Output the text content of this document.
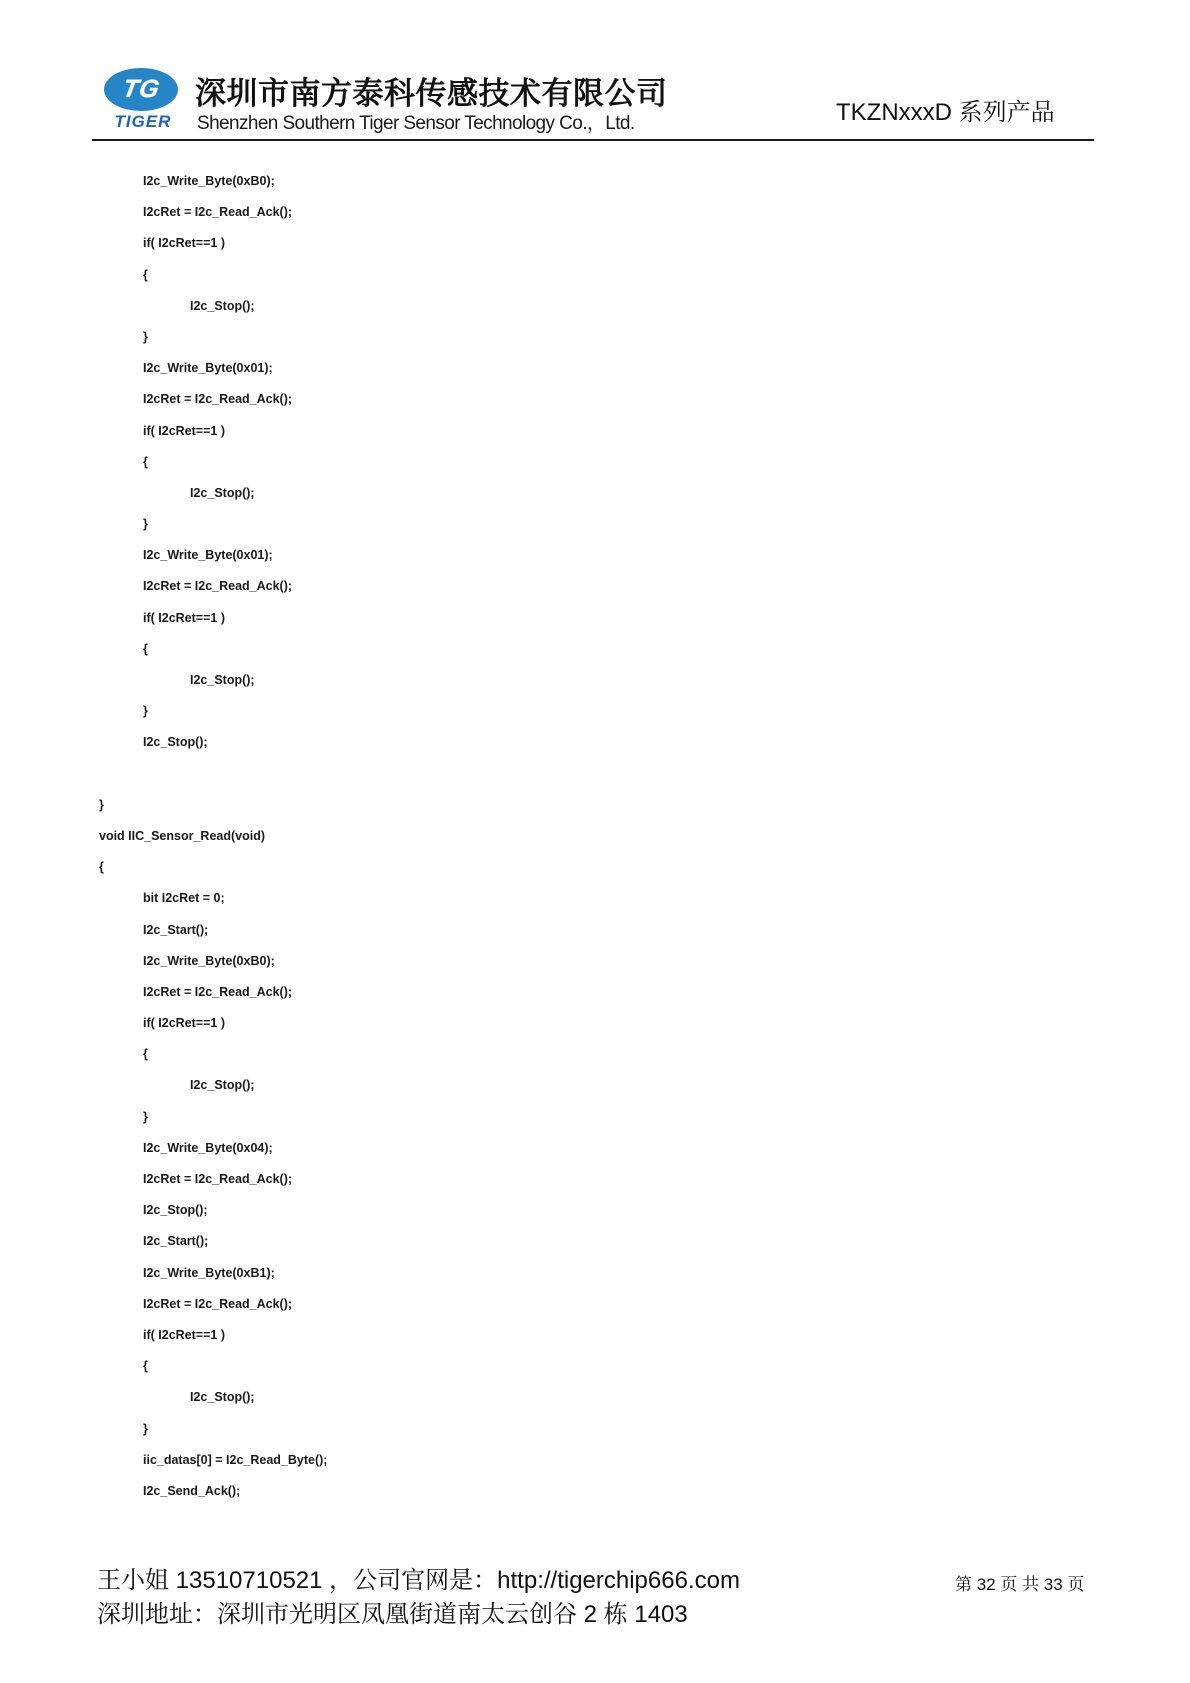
TG
TIGER
深圳市南方泰科传感技术有限公司
Shenzhen Southern Tiger Sensor Technology Co.，Ltd.	TKZNxxxD 系列产品
I2c_Write_Byte(0xB0);
I2cRet = I2c_Read_Ack();
if( I2cRet==1 )
{
I2c_Stop();
}
I2c_Write_Byte(0x01);
I2cRet = I2c_Read_Ack();
if( I2cRet==1 )
{
I2c_Stop();
}
I2c_Write_Byte(0x01);
I2cRet = I2c_Read_Ack();
if( I2cRet==1 )
{
I2c_Stop();
}
I2c_Stop();
}
void IIC_Sensor_Read(void)
{
bit I2cRet = 0;
I2c_Start();
I2c_Write_Byte(0xB0);
I2cRet = I2c_Read_Ack();
if( I2cRet==1 )
{
I2c_Stop();
}
I2c_Write_Byte(0x04);
I2cRet = I2c_Read_Ack();
I2c_Stop();
I2c_Start();
I2c_Write_Byte(0xB1);
I2cRet = I2c_Read_Ack();
if( I2cRet==1 )
{
I2c_Stop();
}
iic_datas[0] = I2c_Read_Byte();
I2c_Send_Ack();
王小姐 13510710521 ，公司官网是：http://tigerchip666.com
深圳地址：深圳市光明区凤凰街道南太云创谷 2 栋 1403
第 32 页 共 33 页
